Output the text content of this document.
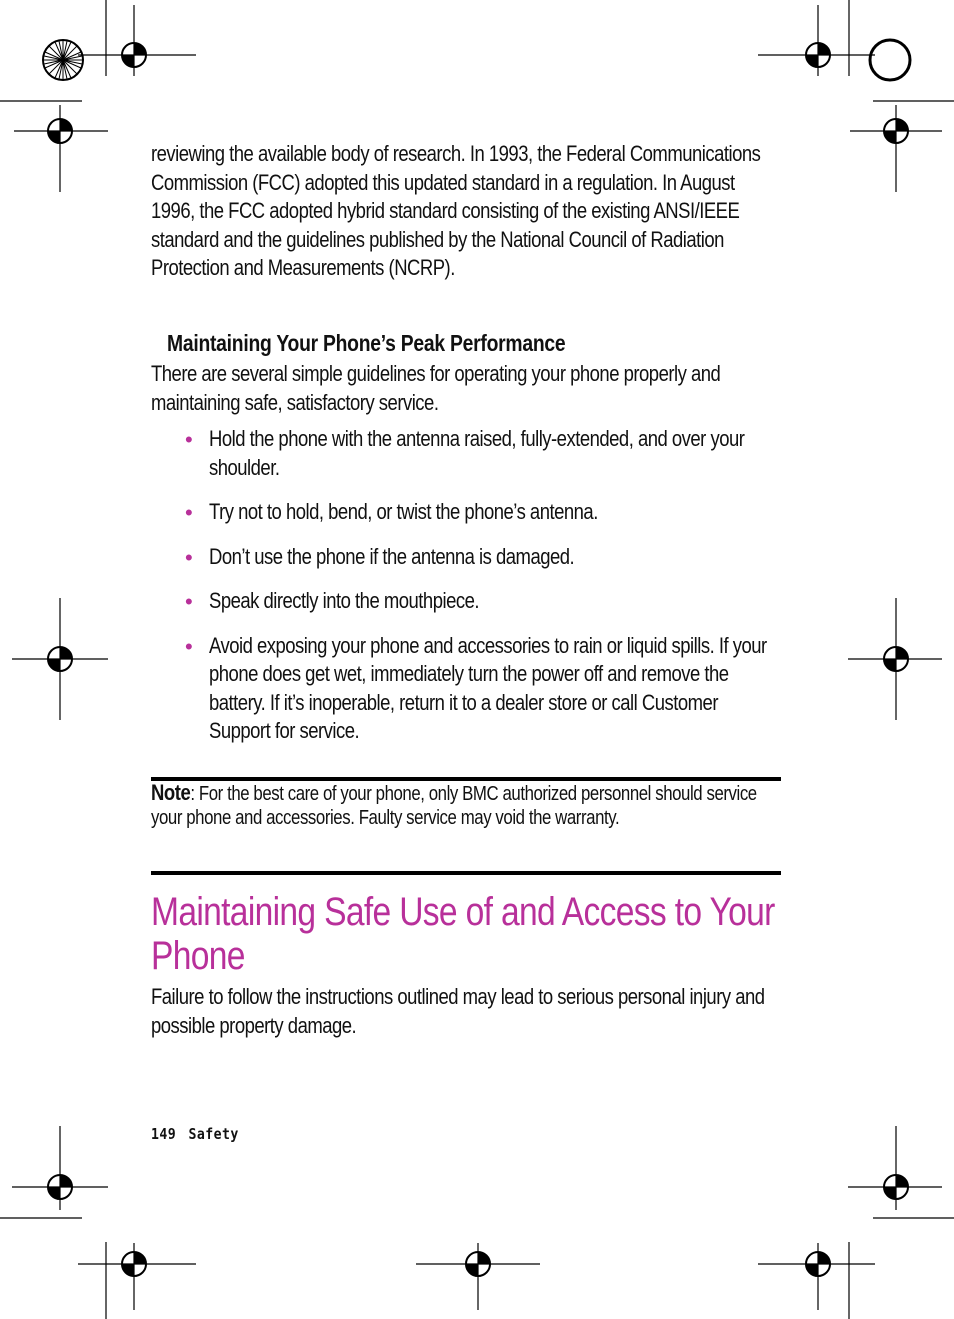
reviewing the available body of research. In 1993, the Federal Communications Commission (FCC) adopted this updated standard in a regulation. In August 1996, the FCC adopted hybrid standard consisting of the existing ANSI/IEEE standard and the guidelines published by the National Council of Radiation Protection and Measurements (NCRP).

Maintaining Your Phone’s Peak Performance

There are several simple guidelines for operating your phone properly and maintaining safe, satisfactory service.

• Hold the phone with the antenna raised, fully-extended, and over your shoulder.
• Try not to hold, bend, or twist the phone’s antenna.
• Don’t use the phone if the antenna is damaged.
• Speak directly into the mouthpiece.
• Avoid exposing your phone and accessories to rain or liquid spills. If your phone does get wet, immediately turn the power off and remove the battery. If it’s inoperable, return it to a dealer store or call Customer Support for service.

Note: For the best care of your phone, only BMC authorized personnel should service your phone and accessories. Faulty service may void the warranty.

Maintaining Safe Use of and Access to Your Phone

Failure to follow the instructions outlined may lead to serious personal injury and possible property damage.

149 Safety
